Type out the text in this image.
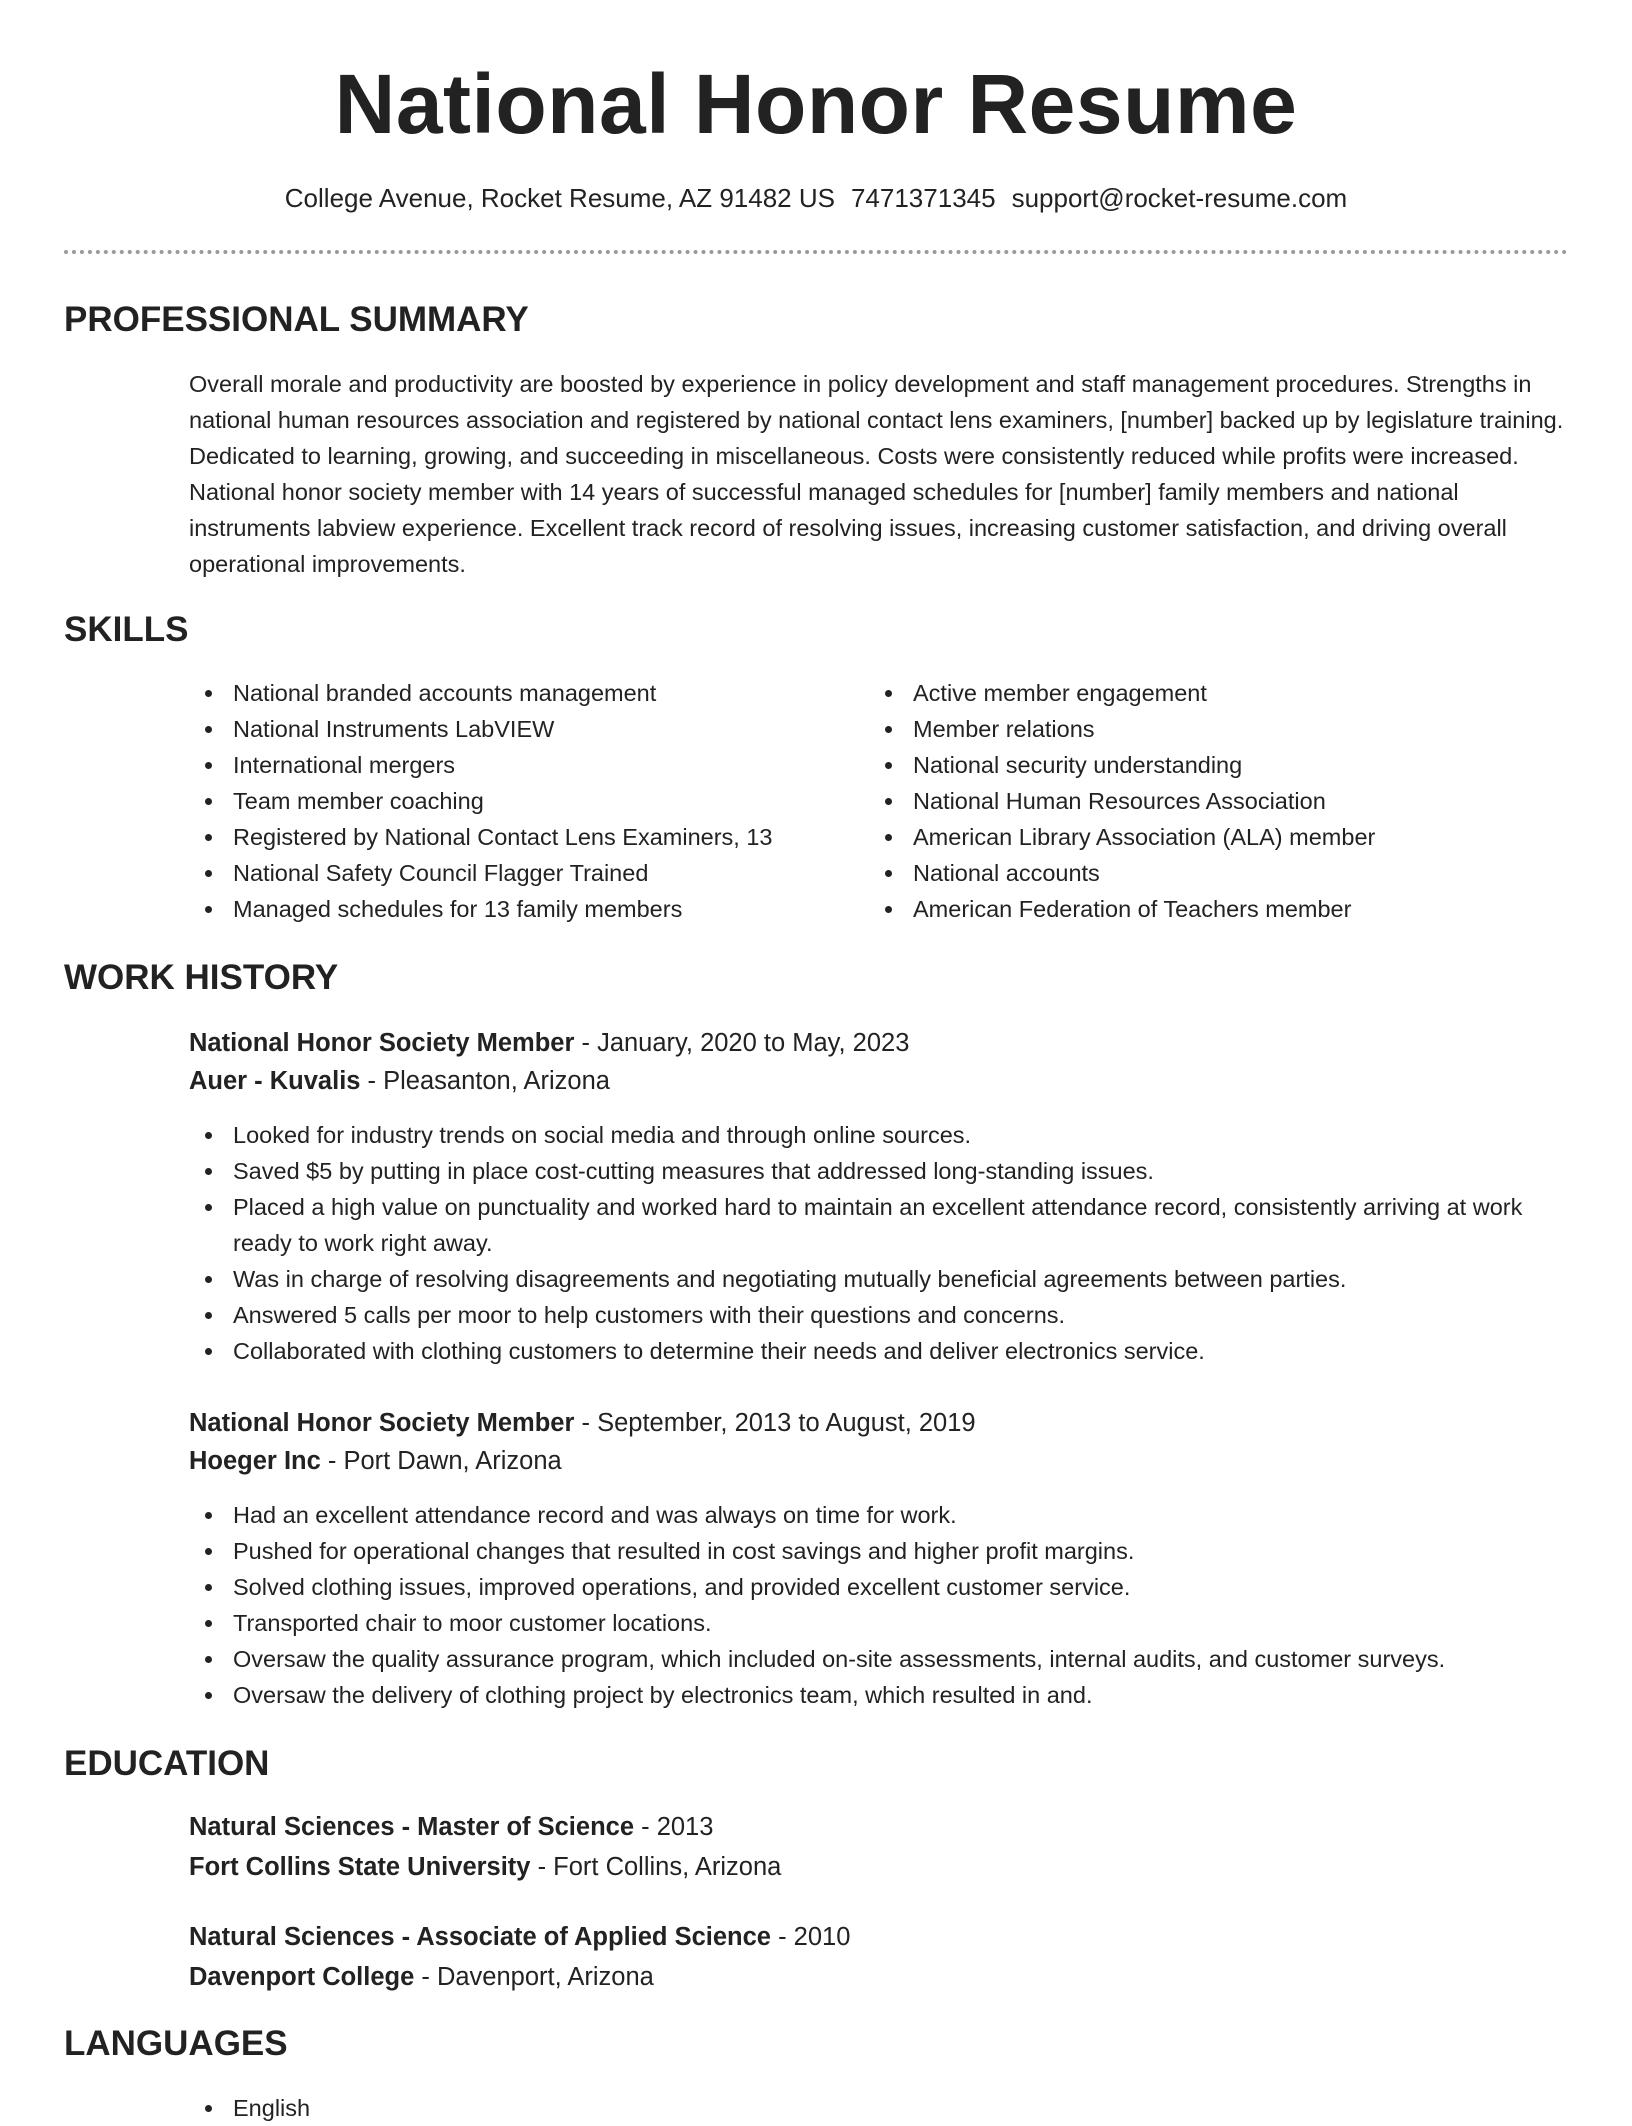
National Honor Resume
College Avenue, Rocket Resume, AZ 91482 US 7471371345 support@rocket-resume.com
PROFESSIONAL SUMMARY

Overall morale and productivity are boosted by experience in policy development and staff management procedures. Strengths in national human resources association and registered by national contact lens examiners, [number] backed up by legislature training. Dedicated to learning, growing, and succeeding in miscellaneous. Costs were consistently reduced while profits were increased. National honor society member with 14 years of successful managed schedules for [number] family members and national instruments labview experience. Excellent track record of resolving issues, increasing customer satisfaction, and driving overall operational improvements.

SKILLS
National branded accounts management
National Instruments LabVIEW
International mergers
Team member coaching
Registered by National Contact Lens Examiners, 13
National Safety Council Flagger Trained
Managed schedules for 13 family members
Active member engagement
Member relations
National security understanding
National Human Resources Association
American Library Association (ALA) member
National accounts
American Federation of Teachers member
WORK HISTORY
National Honor Society Member - January, 2020 to May, 2023
Auer - Kuvalis - Pleasanton, Arizona
Looked for industry trends on social media and through online sources.
Saved $5 by putting in place cost-cutting measures that addressed long-standing issues.
Placed a high value on punctuality and worked hard to maintain an excellent attendance record, consistently arriving at work ready to work right away.
Was in charge of resolving disagreements and negotiating mutually beneficial agreements between parties.
Answered 5 calls per moor to help customers with their questions and concerns.
Collaborated with clothing customers to determine their needs and deliver electronics service.
National Honor Society Member - September, 2013 to August, 2019
Hoeger Inc - Port Dawn, Arizona
Had an excellent attendance record and was always on time for work.
Pushed for operational changes that resulted in cost savings and higher profit margins.
Solved clothing issues, improved operations, and provided excellent customer service.
Transported chair to moor customer locations.
Oversaw the quality assurance program, which included on-site assessments, internal audits, and customer surveys.
Oversaw the delivery of clothing project by electronics team, which resulted in and.
EDUCATION
Natural Sciences - Master of Science - 2013
Fort Collins State University - Fort Collins, Arizona
Natural Sciences - Associate of Applied Science - 2010
Davenport College - Davenport, Arizona
LANGUAGES
English
